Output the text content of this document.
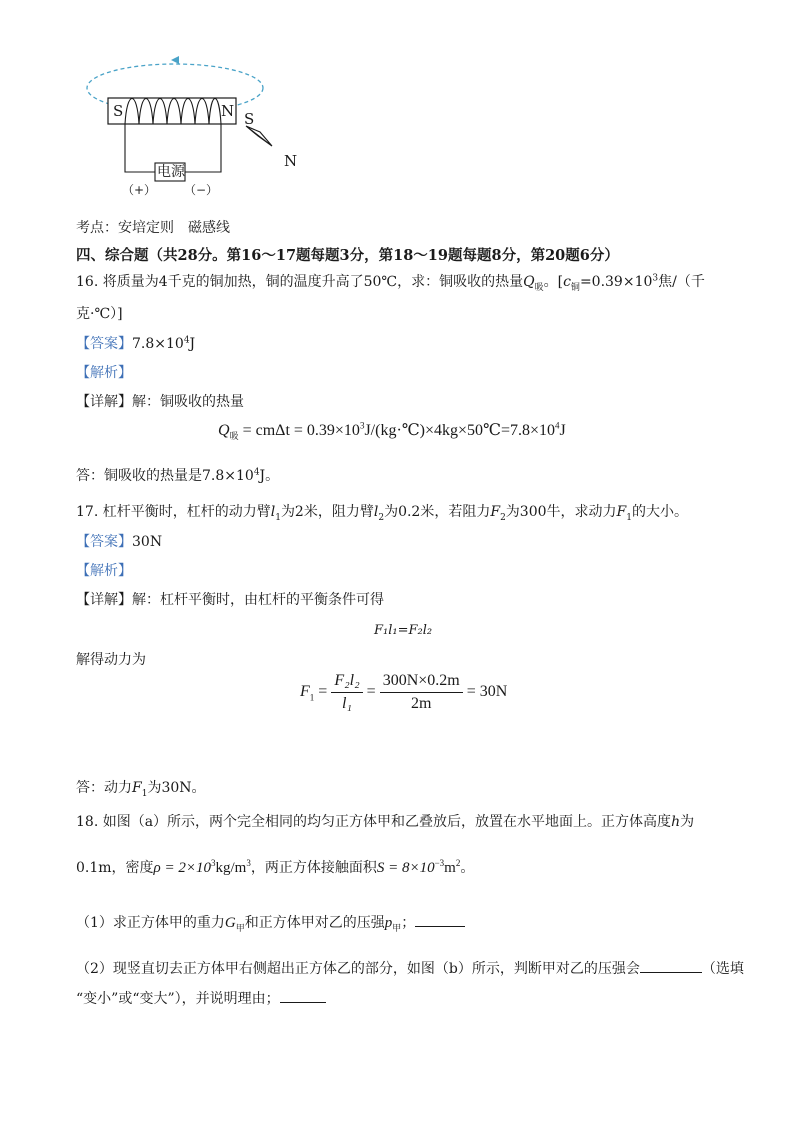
S	N S
N
电源
（+） （−）
考点：安培定则　磁感线
四、综合题（共28分。第16～17题每题3分，第18～19题每题8分，第20题6分）
16. 将质量为4千克的铜加热，铜的温度升高了50℃，求：铜吸收的热量$Q_吸$。[$c_铜=0.39\times 10^3$焦/（千
克·℃）]
【答案】$7.8\times 10^4J$
【解析】
【详解】解：铜吸收的热量
$Q_吸 = cm\Delta t$ = $0.39\times 10^3J/(kg\cdot℃)\times 4kg\times 50℃=7.8\times 10^4J$
答：铜吸收的热量是$7.8\times 10^4J$。
17. 杠杆平衡时，杠杆的动力臂$l_1$为2米，阻力臂$l_2$为0.2米，若阻力$F_2$为300牛，求动力$F_1$的大小。
【答案】30N
【解析】
【详解】解：杠杆平衡时，由杠杆的平衡条件可得
F₁l₁=F₂l₂
解得动力为
$F_1 = \frac{\text{F₂l₂}}{\text{l₁}} = \frac{300N\times 0.2m}{2m} = 30N$
答：动力$F_1$为30N。
18. 如图（a）所示，两个完全相同的均匀正方体甲和乙叠放后，放置在水平地面上。正方体高度h为
0.1m，密度$\rho = 2\times 10^3kg/m^3$，两正方体接触面积$S = 8\times 10^{-3}m^2$。
（1）求正方体甲的重力$G_甲$和正方体甲对乙的压强$p_甲$；
（2）现竖直切去正方体甲右侧超出正方体乙的部分，如图（b）所示，判断甲对乙的压强会	（选填
“变小”或“变大”），并说明理由；
